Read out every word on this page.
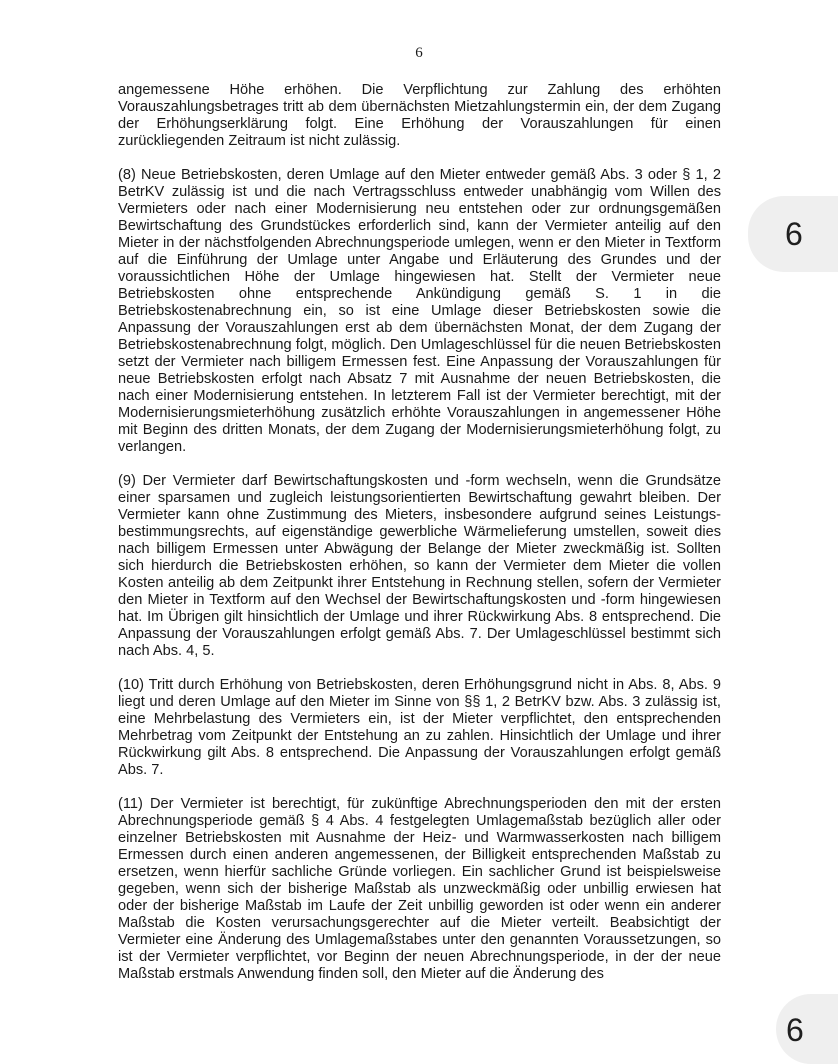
6
6
6

angemessene Höhe erhöhen. Die Verpflichtung zur Zahlung des erhöhten Vorauszahlungsbetrages tritt ab dem übernächsten Mietzahlungstermin ein, der dem Zugang der Erhöhungserklärung folgt. Eine Erhöhung der Vorauszahlungen für einen zurückliegenden Zeitraum ist nicht zulässig.

(8) Neue Betriebskosten, deren Umlage auf den Mieter entweder gemäß Abs. 3 oder § 1, 2 BetrKV zulässig ist und die nach Vertragsschluss entweder unabhängig vom Willen des Vermieters oder nach einer Modernisierung neu entstehen oder zur ordnungsgemäßen Bewirtschaftung des Grundstückes erforderlich sind, kann der Vermieter anteilig auf den Mieter in der nächstfolgenden Abrechnungsperiode umlegen, wenn er den Mieter in Textform auf die Einführung der Umlage unter Angabe und Erläuterung des Grundes und der voraussichtlichen Höhe der Umlage hingewiesen hat. Stellt der Vermieter neue Betriebskosten ohne entsprechende Ankündigung gemäß S. 1 in die Betriebskostenabrechnung ein, so ist eine Umlage dieser Betriebskosten sowie die Anpassung der Vorauszahlungen erst ab dem übernächsten Monat, der dem Zugang der Betriebskostenabrechnung folgt, möglich. Den Umlageschlüssel für die neuen Betriebskosten setzt der Vermieter nach billigem Ermessen fest. Eine Anpassung der Vorauszahlungen für neue Betriebskosten erfolgt nach Absatz 7 mit Ausnahme der neuen Betriebskosten, die nach einer Modernisierung entstehen. In letzterem Fall ist der Vermieter berechtigt, mit der Modernisierungsmieterhöhung zusätzlich erhöhte Vorauszahlungen in angemessener Höhe mit Beginn des dritten Monats, der dem Zugang der Modernisierungsmieterhöhung folgt, zu verlangen.

(9) Der Vermieter darf Bewirtschaftungskosten und -form wechseln, wenn die Grundsätze einer sparsamen und zugleich leistungsorientierten Bewirtschaftung gewahrt bleiben. Der Vermieter kann ohne Zustimmung des Mieters, insbesondere aufgrund seines Leistungs-bestimmungsrechts, auf eigenständige gewerbliche Wärmelieferung umstellen, soweit dies nach billigem Ermessen unter Abwägung der Belange der Mieter zweckmäßig ist. Sollten sich hierdurch die Betriebskosten erhöhen, so kann der Vermieter dem Mieter die vollen Kosten anteilig ab dem Zeitpunkt ihrer Entstehung in Rechnung stellen, sofern der Vermieter den Mieter in Textform auf den Wechsel der Bewirtschaftungskosten und -form hingewiesen hat. Im Übrigen gilt hinsichtlich der Umlage und ihrer Rückwirkung Abs. 8 entsprechend. Die Anpassung der Vorauszahlungen erfolgt gemäß Abs. 7. Der Umlageschlüssel bestimmt sich nach Abs. 4, 5.

(10) Tritt durch Erhöhung von Betriebskosten, deren Erhöhungsgrund nicht in Abs. 8, Abs. 9 liegt und deren Umlage auf den Mieter im Sinne von §§ 1, 2 BetrKV bzw. Abs. 3 zulässig ist, eine Mehrbelastung des Vermieters ein, ist der Mieter verpflichtet, den entsprechenden Mehrbetrag vom Zeitpunkt der Entstehung an zu zahlen. Hinsichtlich der Umlage und ihrer Rückwirkung gilt Abs. 8 entsprechend. Die Anpassung der Vorauszahlungen erfolgt gemäß Abs. 7.

(11) Der Vermieter ist berechtigt, für zukünftige Abrechnungsperioden den mit der ersten Abrechnungsperiode gemäß § 4 Abs. 4 festgelegten Umlagemaßstab bezüglich aller oder einzelner Betriebskosten mit Ausnahme der Heiz- und Warmwasserkosten nach billigem Ermessen durch einen anderen angemessenen, der Billigkeit entsprechenden Maßstab zu ersetzen, wenn hierfür sachliche Gründe vorliegen. Ein sachlicher Grund ist beispielsweise gegeben, wenn sich der bisherige Maßstab als unzweckmäßig oder unbillig erwiesen hat oder der bisherige Maßstab im Laufe der Zeit unbillig geworden ist oder wenn ein anderer Maßstab die Kosten verursachungsgerechter auf die Mieter verteilt. Beabsichtigt der Vermieter eine Änderung des Umlagemaßstabes unter den genannten Voraussetzungen, so ist der Vermieter verpflichtet, vor Beginn der neuen Abrechnungsperiode, in der der neue Maßstab erstmals Anwendung finden soll, den Mieter auf die Änderung des
